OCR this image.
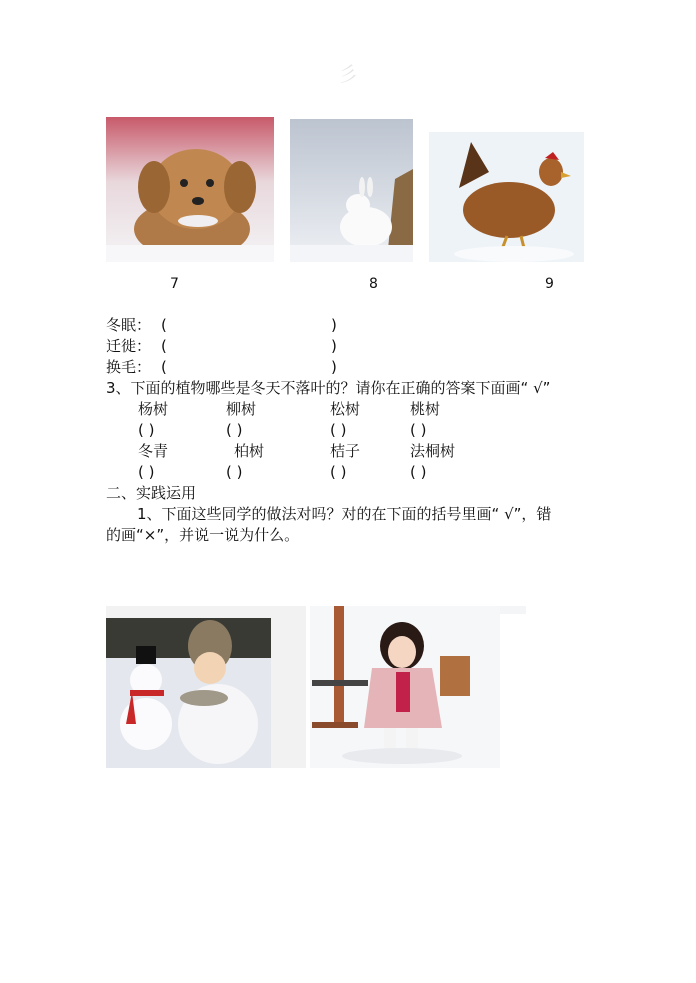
彡
7	8	9
冬眠： (	)
迁徙： (	)
换毛： (	)
3、下面的植物哪些是冬天不落叶的？请你在正确的答案下面画“ √”
杨树	柳树	松树	桃树
( )	( )	( )	( )
冬青	柏树	桔子	法桐树
( )	( )	( )	( )
二、实践运用
1、下面这些同学的做法对吗？对的在下面的括号里画“ √”，错
的画“×”，并说一说为什么。
